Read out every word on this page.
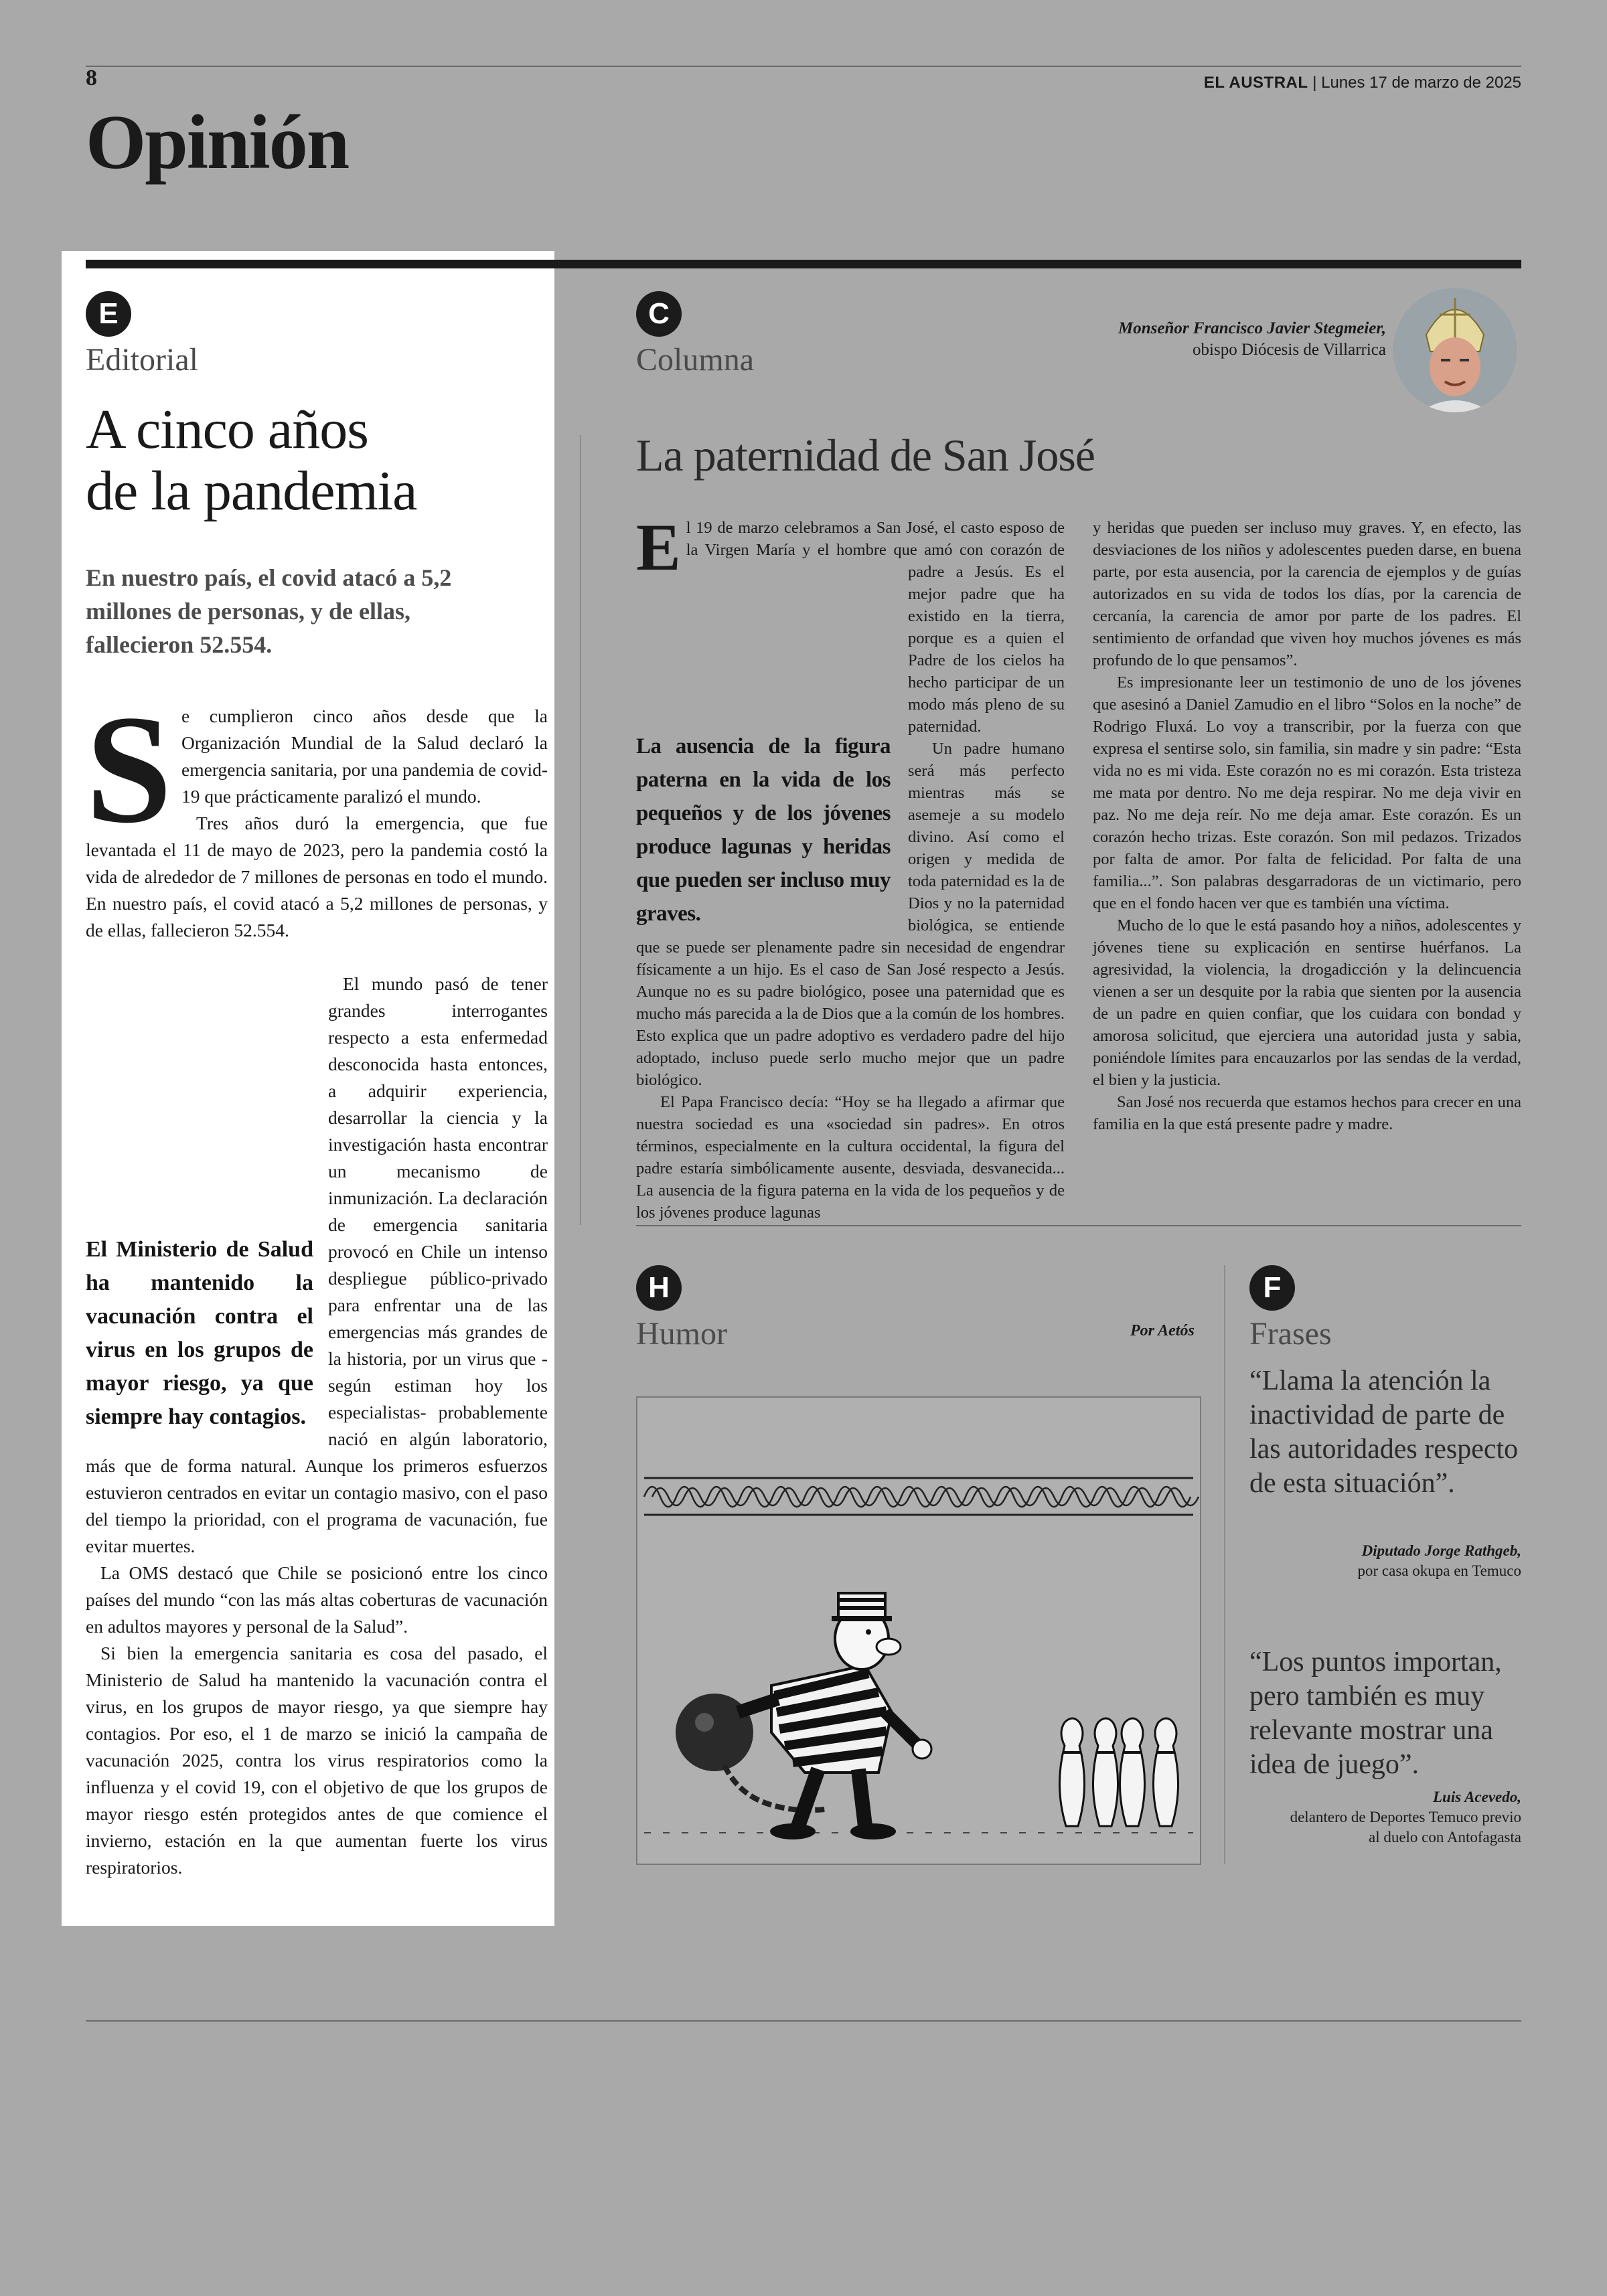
8	EL AUSTRAL | Lunes 17 de marzo de 2025
Opinión
E
Editorial
A cinco años
de la pandemia
En nuestro país, el covid atacó a 5,2 millones de personas, y de ellas, fallecieron 52.554.
S e cumplieron cinco años desde que la Organización Mundial de la Salud declaró la emergencia sanitaria, por una pandemia de covid-19 que prácticamente paralizó el mundo.

Tres años duró la emergencia, que fue levantada el 11 de mayo de 2023, pero la pandemia costó la vida de alrededor de 7 millones de personas en todo el mundo. En nuestro país, el covid atacó a 5,2 millones de personas, y de ellas, fallecieron 52.554.

El Ministerio de Salud ha mantenido la vacunación contra el virus en los grupos de mayor riesgo, ya que siempre hay contagios.

El mundo pasó de tener grandes interrogantes respecto a esta enfermedad desconocida hasta entonces, a adquirir experiencia, desarrollar la ciencia y la investigación hasta encontrar un mecanismo de inmunización. La declaración de emergencia sanitaria provocó en Chile un intenso despliegue público-privado para enfrentar una de las emergencias más grandes de la historia, por un virus que -según estiman hoy los especialistas- probablemente nació en algún laboratorio, más que de forma natural. Aunque los primeros esfuerzos estuvieron centrados en evitar un contagio masivo, con el paso del tiempo la prioridad, con el programa de vacunación, fue evitar muertes.

La OMS destacó que Chile se posicionó entre los cinco países del mundo “con las más altas coberturas de vacunación en adultos mayores y personal de la Salud”.

Si bien la emergencia sanitaria es cosa del pasado, el Ministerio de Salud ha mantenido la vacunación contra el virus, en los grupos de mayor riesgo, ya que siempre hay contagios. Por eso, el 1 de marzo se inició la campaña de vacunación 2025, contra los virus respiratorios como la influenza y el covid 19, con el objetivo de que los grupos de mayor riesgo estén protegidos antes de que comience el invierno, estación en la que aumentan fuerte los virus respiratorios.

C
Columna
Monseñor Francisco Javier Stegmeier,
obispo Diócesis de Villarrica
La paternidad de San José
E
La ausencia de la figura paterna en la vida de los pequeños y de los jóvenes produce lagunas y heridas que pueden ser incluso muy graves.

l 19 de marzo celebramos a San José, el casto esposo de la Virgen María y el hombre que amó con corazón de padre a Jesús. Es el mejor padre que ha existido en la tierra, porque es a quien el Padre de los cielos ha hecho participar de un modo más pleno de su paternidad.

Un padre humano será más perfecto mientras más se asemeje a su modelo divino. Así como el origen y medida de toda paternidad es la de Dios y no la paternidad biológica, se entiende que se puede ser plenamente padre sin necesidad de engendrar físicamente a un hijo. Es el caso de San José respecto a Jesús. Aunque no es su padre biológico, posee una paternidad que es mucho más parecida a la de Dios que a la común de los hombres. Esto explica que un padre adoptivo es verdadero padre del hijo adoptado, incluso puede serlo mucho mejor que un padre biológico.

El Papa Francisco decía: “Hoy se ha llegado a afirmar que nuestra sociedad es una «sociedad sin padres». En otros términos, especialmente en la cultura occidental, la figura del padre estaría simbólicamente ausente, desviada, desvanecida... La ausencia de la figura paterna en la vida de los pequeños y de los jóvenes produce lagunas

y heridas que pueden ser incluso muy graves. Y, en efecto, las desviaciones de los niños y adolescentes pueden darse, en buena parte, por esta ausencia, por la carencia de ejemplos y de guías autorizados en su vida de todos los días, por la carencia de cercanía, la carencia de amor por parte de los padres. El sentimiento de orfandad que viven hoy muchos jóvenes es más profundo de lo que pensamos”.

Es impresionante leer un testimonio de uno de los jóvenes que asesinó a Daniel Zamudio en el libro “Solos en la noche” de Rodrigo Fluxá. Lo voy a transcribir, por la fuerza con que expresa el sentirse solo, sin familia, sin madre y sin padre: “Esta vida no es mi vida. Este corazón no es mi corazón. Esta tristeza me mata por dentro. No me deja respirar. No me deja vivir en paz. No me deja reír. No me deja amar. Este corazón. Es un corazón hecho trizas. Este corazón. Son mil pedazos. Trizados por falta de amor. Por falta de felicidad. Por falta de una familia...”. Son palabras desgarradoras de un victimario, pero que en el fondo hacen ver que es también una víctima.

Mucho de lo que le está pasando hoy a niños, adolescentes y jóvenes tiene su explicación en sentirse huérfanos. La agresividad, la violencia, la drogadicción y la delincuencia vienen a ser un desquite por la rabia que sienten por la ausencia de un padre en quien confiar, que los cuidara con bondad y amorosa solicitud, que ejerciera una autoridad justa y sabia, poniéndole límites para encauzarlos por las sendas de la verdad, el bien y la justicia.

San José nos recuerda que estamos hechos para crecer en una familia en la que está presente padre y madre.

H
Humor	Por Aetós
F
Frases
“Llama la atención la inactividad de parte de las autoridades respecto de esta situación”.
Diputado Jorge Rathgeb,
por casa okupa en Temuco
“Los puntos importan, pero también es muy relevante mostrar una idea de juego”.
Luis Acevedo,
delantero de Deportes Temuco previo
al duelo con Antofagasta
